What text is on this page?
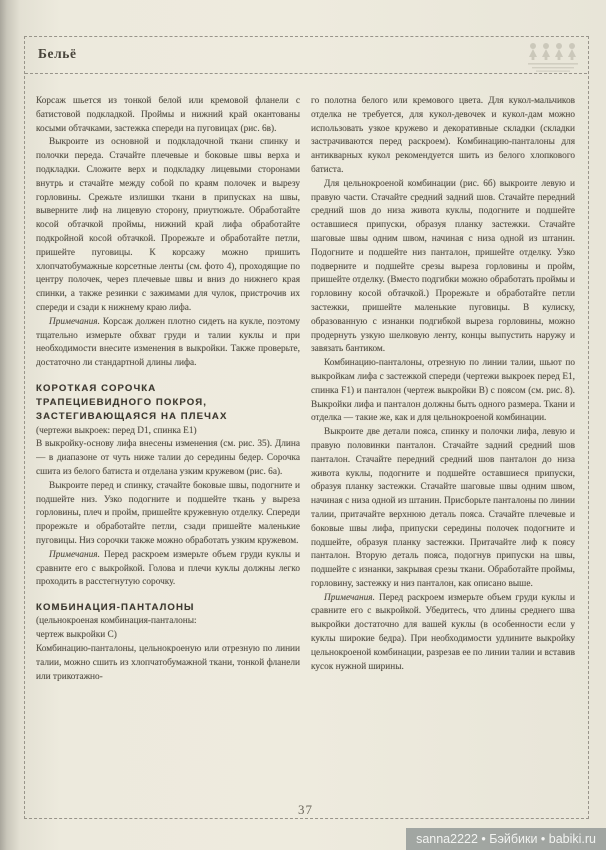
Бельё

Корсаж шьется из тонкой белой или кремовой фланели с батистовой подкладкой. Проймы и нижний край окантованы косыми обтачками, застежка спереди на пуговицах (рис. 6в).

Выкроите из основной и подкладочной ткани спинку и полочки переда. Стачайте плечевые и боковые швы верха и подкладки. Сложите верх и подкладку лицевыми сторонами внутрь и стачайте между собой по краям полочек и вырезу горловины. Срежьте излишки ткани в припусках на швы, выверните лиф на лицевую сторону, приутюжьте. Обработайте косой обтачкой проймы, нижний край лифа обработайте подкройной косой обтачкой. Прорежьте и обработайте петли, пришейте пуговицы. К корсажу можно пришить хлопчатобумажные корсетные ленты (см. фото 4), проходящие по центру полочек, через плечевые швы и вниз до нижнего края спинки, а также резинки с зажимами для чулок, пристрочив их спереди и сзади к нижнему краю лифа.

Примечания. Корсаж должен плотно сидеть на кукле, поэтому тщательно измерьте обхват груди и талии куклы и при необходимости внесите изменения в выкройки. Также проверьте, достаточно ли стандартной длины лифа.

КОРОТКАЯ СОРОЧКА
ТРАПЕЦИЕВИДНОГО ПОКРОЯ,
ЗАСТЕГИВАЮЩАЯСЯ НА ПЛЕЧАХ

(чертежи выкроек: перед D1, спинка Е1)

В выкройку-основу лифа внесены изменения (см. рис. 35). Длина — в диапазоне от чуть ниже талии до середины бедер. Сорочка сшита из белого батиста и отделана узким кружевом (рис. 6а).

Выкроите перед и спинку, стачайте боковые швы, подогните и подшейте низ. Узко подогните и подшейте ткань у выреза горловины, плеч и пройм, пришейте кружевную отделку. Спереди прорежьте и обработайте петли, сзади пришейте маленькие пуговицы. Низ сорочки также можно обработать узким кружевом.

Примечания. Перед раскроем измерьте объем груди куклы и сравните его с выкройкой. Голова и плечи куклы должны легко проходить в расстегнутую сорочку.

КОМБИНАЦИЯ-ПАНТАЛОНЫ
(цельнокроеная комбинация-панталоны:
чертеж выкройки С)

Комбинацию-панталоны, цельнокроеную или отрезную по линии талии, можно сшить из хлопчатобумажной ткани, тонкой фланели или трикотажно-

го полотна белого или кремового цвета. Для кукол-мальчиков отделка не требуется, для кукол-девочек и кукол-дам можно использовать узкое кружево и декоративные складки (складки застрачиваются перед раскроем). Комбинацию-панталоны для антикварных кукол рекомендуется шить из белого хлопкового батиста.

Для цельнокроеной комбинации (рис. 6б) выкроите левую и правую части. Стачайте средний задний шов. Стачайте передний средний шов до низа живота куклы, подогните и подшейте оставшиеся припуски, образуя планку застежки. Стачайте шаговые швы одним швом, начиная с низа одной из штанин. Подогните и подшейте низ панталон, пришейте отделку. Узко подверните и подшейте срезы выреза горловины и пройм, пришейте отделку. (Вместо подгибки можно обработать проймы и горловину косой обтачкой.) Прорежьте и обработайте петли застежки, пришейте маленькие пуговицы. В кулиску, образованную с изнанки подгибкой выреза горловины, можно продернуть узкую шелковую ленту, концы выпустить наружу и завязать бантиком.

Комбинацию-панталоны, отрезную по линии талии, шьют по выкройкам лифа с застежкой спереди (чертежи выкроек перед Е1, спинка F1) и панталон (чертеж выкройки В) с поясом (см. рис. 8). Выкройки лифа и панталон должны быть одного размера. Ткани и отделка — такие же, как и для цельнокроеной комбинации.

Выкроите две детали пояса, спинку и полочки лифа, левую и правую половинки панталон. Стачайте задний средний шов панталон. Стачайте передний средний шов панталон до низа живота куклы, подогните и подшейте оставшиеся припуски, образуя планку застежки. Стачайте шаговые швы одним швом, начиная с низа одной из штанин. Присборьте панталоны по линии талии, притачайте верхнюю деталь пояса. Стачайте плечевые и боковые швы лифа, припуски середины полочек подогните и подшейте, образуя планку застежки. Притачайте лиф к поясу панталон. Вторую деталь пояса, подогнув припуски на швы, подшейте с изнанки, закрывая срезы ткани. Обработайте проймы, горловину, застежку и низ панталон, как описано выше.

Примечания. Перед раскроем измерьте объем груди куклы и сравните его с выкройкой. Убедитесь, что длины среднего шва выкройки достаточно для вашей куклы (в особенности если у куклы широкие бедра). При необходимости удлините выкройку цельнокроеной комбинации, разрезав ее по линии талии и вставив кусок нужной ширины.

37
sanna2222 • Бэйбики • babiki.ru
